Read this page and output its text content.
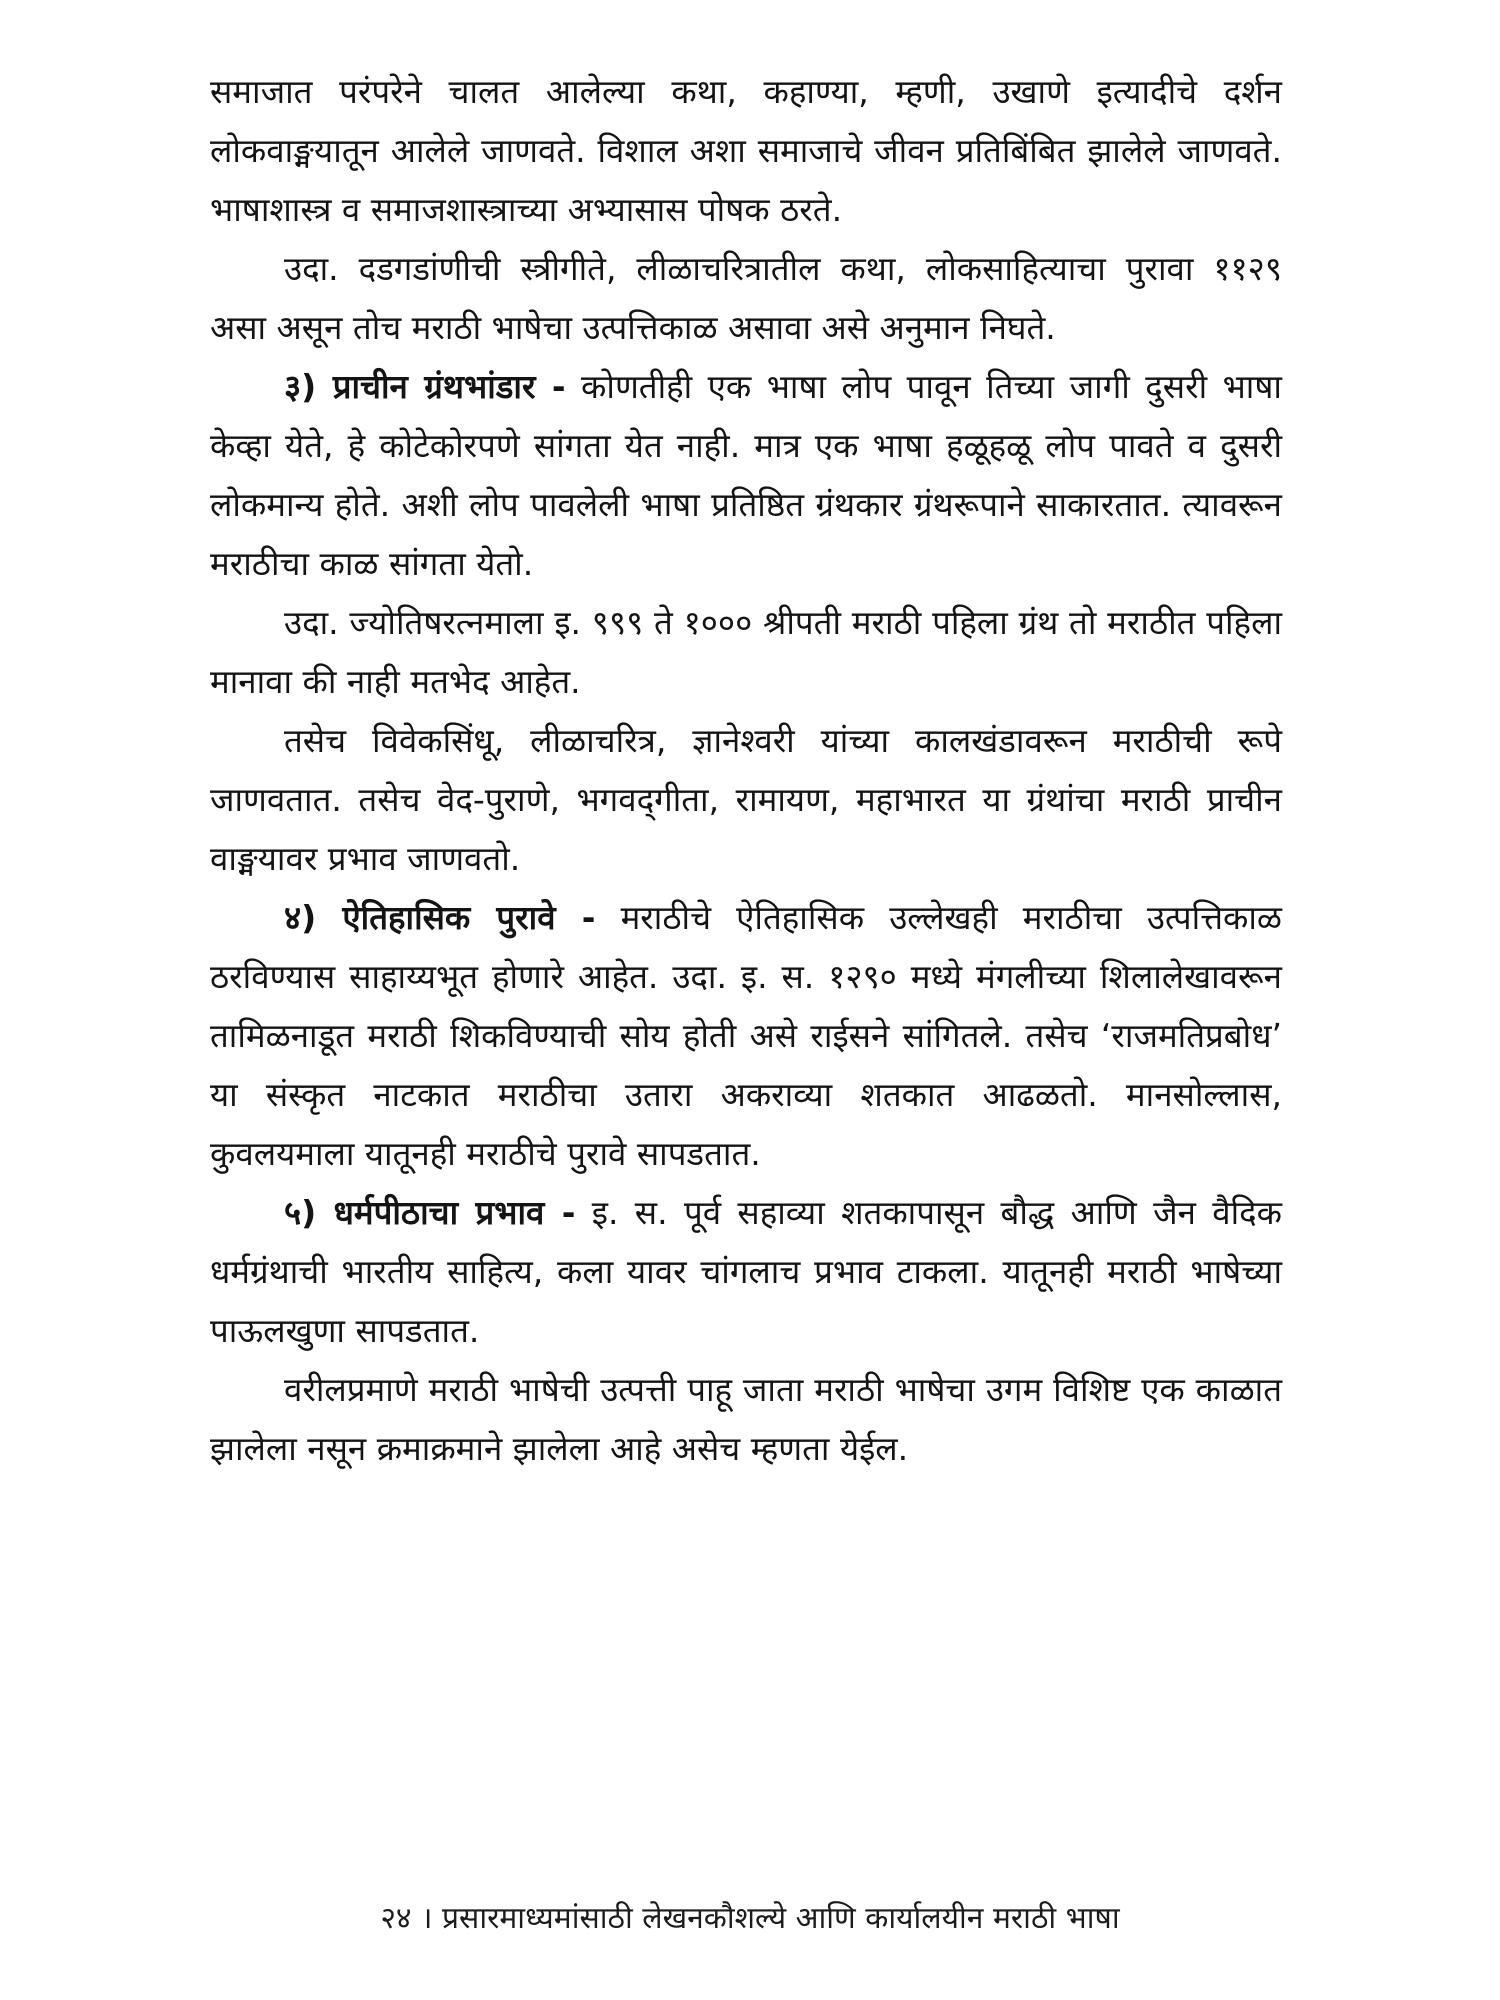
समाजात परंपरेने चालत आलेल्या कथा, कहाण्या, म्हणी, उखाणे इत्यादीचे दर्शन लोकवाङ्मयातून आलेले जाणवते. विशाल अशा समाजाचे जीवन प्रतिबिंबित झालेले जाणवते. भाषाशास्त्र व समाजशास्त्राच्या अभ्यासास पोषक ठरते.

उदा. दडगडांणीची स्त्रीगीते, लीळाचरित्रातील कथा, लोकसाहित्याचा पुरावा ११२९ असा असून तोच मराठी भाषेचा उत्पत्तिकाळ असावा असे अनुमान निघते.

३) प्राचीन ग्रंथभांडार - कोणतीही एक भाषा लोप पावून तिच्या जागी दुसरी भाषा केव्हा येते, हे कोटेकोरपणे सांगता येत नाही. मात्र एक भाषा हळूहळू लोप पावते व दुसरी लोकमान्य होते. अशी लोप पावलेली भाषा प्रतिष्ठित ग्रंथकार ग्रंथरूपाने साकारतात. त्यावरून मराठीचा काळ सांगता येतो.

उदा. ज्योतिषरत्नमाला इ. ९९९ ते १००० श्रीपती मराठी पहिला ग्रंथ तो मराठीत पहिला मानावा की नाही मतभेद आहेत.

तसेच विवेकसिंधू, लीळाचरित्र, ज्ञानेश्वरी यांच्या कालखंडावरून मराठीची रूपे जाणवतात. तसेच वेद-पुराणे, भगवद्‌गीता, रामायण, महाभारत या ग्रंथांचा मराठी प्राचीन वाङ्मयावर प्रभाव जाणवतो.

४) ऐतिहासिक पुरावे - मराठीचे ऐतिहासिक उल्लेखही मराठीचा उत्पत्तिकाळ ठरविण्यास साहाय्यभूत होणारे आहेत. उदा. इ. स. १२९० मध्ये मंगलीच्या शिलालेखावरून तामिळनाडूत मराठी शिकविण्याची सोय होती असे राईसने सांगितले. तसेच ‘राजमतिप्रबोध’ या संस्कृत नाटकात मराठीचा उतारा अकराव्या शतकात आढळतो. मानसोल्लास, कुवलयमाला यातूनही मराठीचे पुरावे सापडतात.

५) धर्मपीठाचा प्रभाव - इ. स. पूर्व सहाव्या शतकापासून बौद्ध आणि जैन वैदिक धर्मग्रंथाची भारतीय साहित्य, कला यावर चांगलाच प्रभाव टाकला. यातूनही मराठी भाषेच्या पाऊलखुणा सापडतात.

वरीलप्रमाणे मराठी भाषेची उत्पत्ती पाहू जाता मराठी भाषेचा उगम विशिष्ट एक काळात झालेला नसून क्रमाक्रमाने झालेला आहे असेच म्हणता येईल.

२४ । प्रसारमाध्यमांसाठी लेखनकौशल्ये आणि कार्यालयीन मराठी भाषा
